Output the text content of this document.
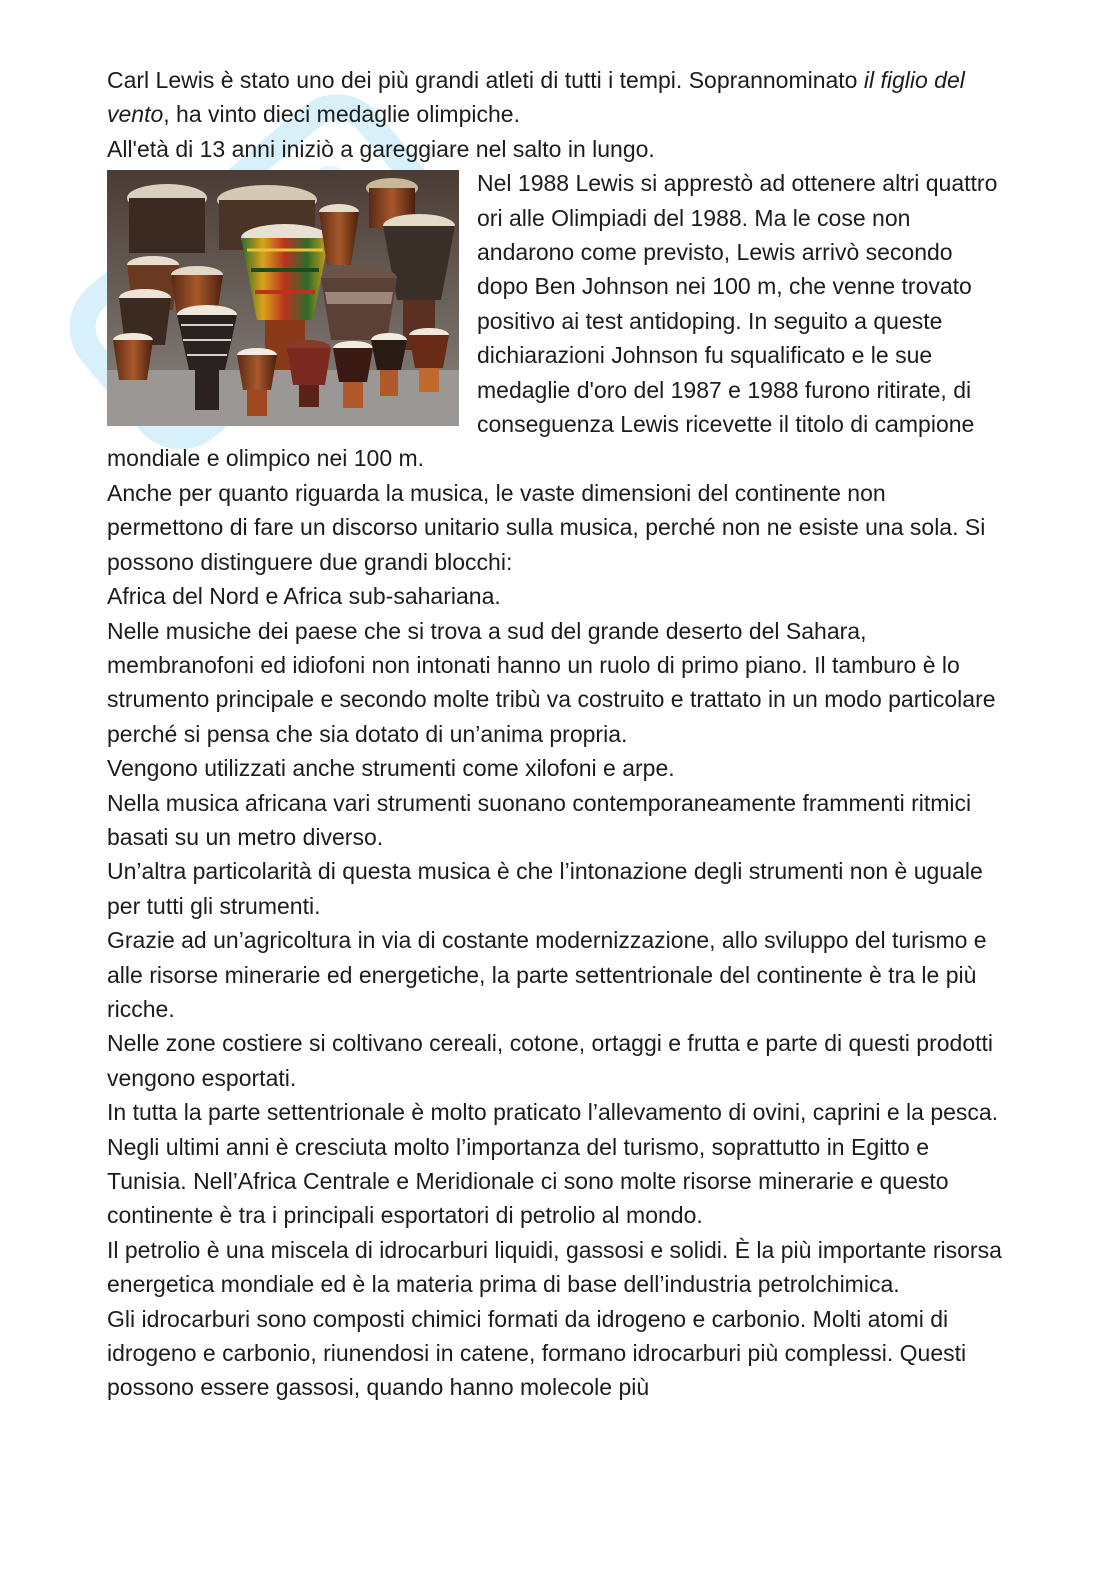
Carl Lewis è stato uno dei più grandi atleti di tutti i tempi. Soprannominato il figlio del vento, ha vinto dieci medaglie olimpiche.

All'età di 13 anni iniziò a gareggiare nel salto in lungo.

Nel 1988 Lewis si apprestò ad ottenere altri quattro ori alle Olimpiadi del 1988. Ma le cose non andarono come previsto, Lewis arrivò secondo dopo Ben Johnson nei 100 m, che venne trovato positivo ai test antidoping. In seguito a queste dichiarazioni Johnson fu squalificato e le sue medaglie d'oro del 1987 e 1988 furono ritirate, di conseguenza Lewis ricevette il titolo di campione mondiale e olimpico nei 100 m.

Anche per quanto riguarda la musica, le vaste dimensioni del continente non permettono di fare un discorso unitario sulla musica, perché non ne esiste una sola. Si possono distinguere due grandi blocchi:

Africa del Nord e Africa sub-sahariana.

Nelle musiche dei paese che si trova a sud del grande deserto del Sahara, membranofoni ed idiofoni non intonati hanno un ruolo di primo piano. Il tamburo è lo strumento principale e secondo molte tribù va costruito e trattato in un modo particolare perché si pensa che sia dotato di un’anima propria.

Vengono utilizzati anche strumenti come xilofoni e arpe.

Nella musica africana vari strumenti suonano contemporaneamente frammenti ritmici basati su un metro diverso.

Un’altra particolarità di questa musica è che l’intonazione degli strumenti non è uguale per tutti gli strumenti.

Grazie ad un’agricoltura in via di costante modernizzazione, allo sviluppo del turismo e alle risorse minerarie ed energetiche, la parte settentrionale del continente è tra le più ricche.

Nelle zone costiere si coltivano cereali, cotone, ortaggi e frutta e parte di questi prodotti vengono esportati.

In tutta la parte settentrionale è molto praticato l’allevamento di ovini, caprini e la pesca. Negli ultimi anni è cresciuta molto l’importanza del turismo, soprattutto in Egitto e Tunisia. Nell’Africa Centrale e Meridionale ci sono molte risorse minerarie e questo continente è tra i principali esportatori di petrolio al mondo.

Il petrolio è una miscela di idrocarburi liquidi, gassosi e solidi. È la più importante risorsa energetica mondiale ed è la materia prima di base dell’industria petrolchimica.

Gli idrocarburi sono composti chimici formati da idrogeno e carbonio. Molti atomi di idrogeno e carbonio, riunendosi in catene, formano idrocarburi più complessi. Questi possono essere gassosi, quando hanno molecole più
